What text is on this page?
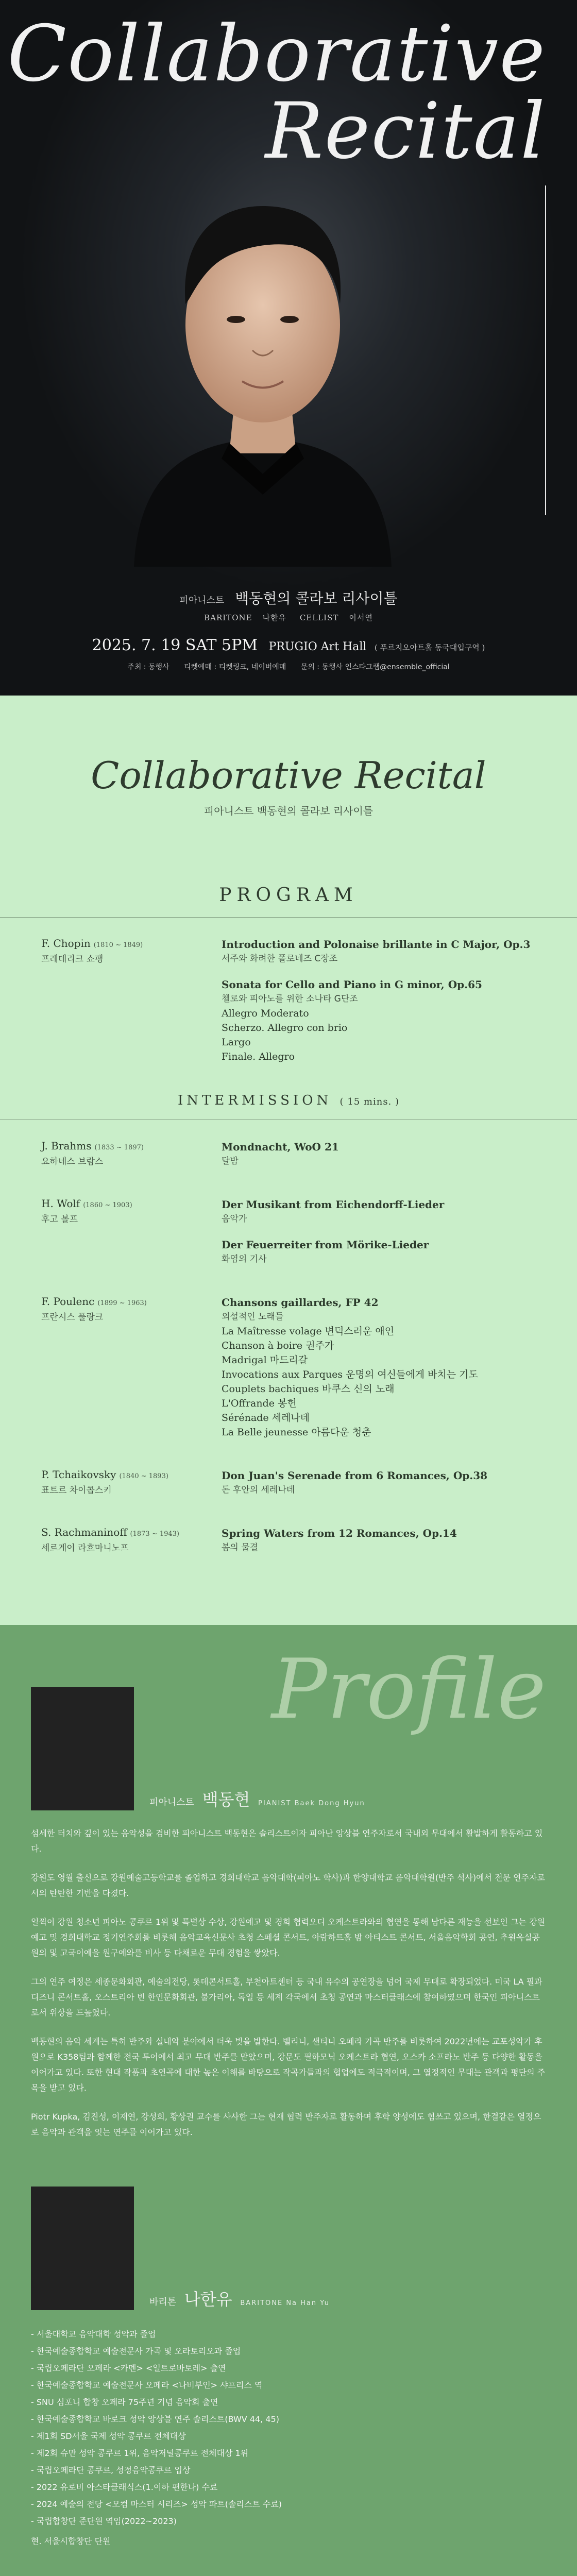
Collaborative
Recital
피아니스트 백동현의 콜라보 리사이틀
BARITONE 나한유 CELLIST 이서연
2025. 7. 19 SAT 5PM PRUGIO Art Hall ( 푸르지오아트홀 동국대입구역 )
주최 : 동행사 티켓예매 : 티켓링크, 네이버예매 문의 : 동행사 인스타그램@ensemble_official
Collaborative Recital
피아니스트 백동현의 콜라보 리사이틀
PROGRAM
F. Chopin (1810 ~ 1849)
프레데리크 쇼팽
Introduction and Polonaise brillante in C Major, Op.3
서주와 화려한 폴로네즈 C장조
Sonata for Cello and Piano in G minor, Op.65
첼로와 피아노를 위한 소나타 G단조
Allegro Moderato
Scherzo. Allegro con brio
Largo
Finale. Allegro
INTERMISSION ( 15 mins. )
J. Brahms (1833 ~ 1897)
요하네스 브람스
Mondnacht, WoO 21
달밤
H. Wolf (1860 ~ 1903)
후고 볼프
Der Musikant from Eichendorff-Lieder
음악가
Der Feuerreiter from Mörike-Lieder
화염의 기사
F. Poulenc (1899 ~ 1963)
프란시스 풀랑크
Chansons gaillardes, FP 42
외설적인 노래들
La Maîtresse volage 변덕스러운 애인
Chanson à boire 권주가
Madrigal 마드리갈
Invocations aux Parques 운명의 여신들에게 바치는 기도
Couplets bachiques 바쿠스 신의 노래
L'Offrande 봉헌
Sérénade 세레나데
La Belle jeunesse 아름다운 청춘
P. Tchaikovsky (1840 ~ 1893)
표트르 차이콥스키
Don Juan's Serenade from 6 Romances, Op.38
돈 후안의 세레나데
S. Rachmaninoff (1873 ~ 1943)
세르게이 라흐마니노프
Spring Waters from 12 Romances, Op.14
봄의 물결
Profile
피아니스트 백동현 PIANIST Baek Dong Hyun

섬세한 터치와 깊이 있는 음악성을 겸비한 피아니스트 백동현은 솔리스트이자 피아난 앙상블 연주자로서 국내외 무대에서 활발하게 활동하고 있다.

강원도 영월 출신으로 강원예술고등학교를 졸업하고 경희대학교 음악대학(피아노 학사)과 한양대학교 음악대학원(반주 석사)에서 전문 연주자로서의 탄탄한 기반을 다졌다.

일찍이 강원 청소년 피아노 콩쿠르 1위 및 특별상 수상, 강원예고 및 경희 협력오디 오케스트라와의 협연을 통해 남다른 재능을 선보인 그는 강원예고 및 경희대학교 정기연주회를 비롯해 음악교육신문사 초청 스페셜 콘서트, 아람하트홀 밤 아티스트 콘서트, 서울음악학회 공연, 추원욱실공원의 및 고국이예을 원구예와를 비사 등 다채로운 무대 경험을 쌓았다.

그의 연주 여정은 세종문화회관, 예술의전당, 롯데콘서트홀, 부천아트센터 등 국내 유수의 공연장을 넘어 국제 무대로 확장되었다. 미국 LA 필과 디즈니 콘서트홀, 오스트리아 빈 한인문화회관, 불가리아, 독일 등 세계 각국에서 초청 공연과 마스터클래스에 참여하였으며 한국인 피아니스트로서 위상을 드높였다.

백동현의 음악 세계는 특히 반주와 실내악 분야에서 더욱 빛을 발한다. 벨리니, 샌티니 오페라 가곡 반주를 비롯하여 2022년에는 교포성악가 후원으로 K358팀과 함께한 전국 투어에서 최고 무대 반주를 맡았으며, 강문도 필하모닉 오케스트라 협연, 오스카 소프라노 반주 등 다양한 활동을 이어가고 있다. 또한 현대 작품과 초연곡에 대한 높은 이해를 바탕으로 작곡가들과의 협업에도 적극적이며, 그 열정적인 무대는 관객과 평단의 주목을 받고 있다.

Piotr Kupka, 김진성, 이재연, 강성희, 황상권 교수를 사사한 그는 현재 협력 반주자로 활동하며 후학 양성에도 힘쓰고 있으며, 한결같은 열정으로 음악과 관객을 잇는 연주를 이어가고 있다.

바리톤 나한유 BARITONE Na Han Yu
- 서울대학교 음악대학 성악과 졸업
- 한국예술종합학교 예술전문사 가곡 및 오라토리오과 졸업
- 국립오페라단 오페라 <카멘> <일트로바토레> 출연
- 한국예술종합학교 예술전문사 오페라 <나비부인> 샤프리스 역
- SNU 심포니 합창 오페라 75주년 기념 음악회 출연
- 한국예술종합학교 바로크 성악 앙상블 연주 솔리스트(BWV 44, 45)
- 제1회 SD서울 국제 성악 콩쿠르 전체대상
- 제2회 슈만 성악 콩쿠르 1위, 음악저널콩쿠르 전체대상 1위
- 국립오페라단 콩쿠르, 성정음악콩쿠르 입상
- 2022 유로비 아스타클래식스(1.이하 편한나) 수료
- 2024 예술의 전당 <모컴 마스터 시리즈> 성악 파트(솔리스트 수료)
- 국립합창단 준단원 역임(2022~2023)
현. 서울시합창단 단원
